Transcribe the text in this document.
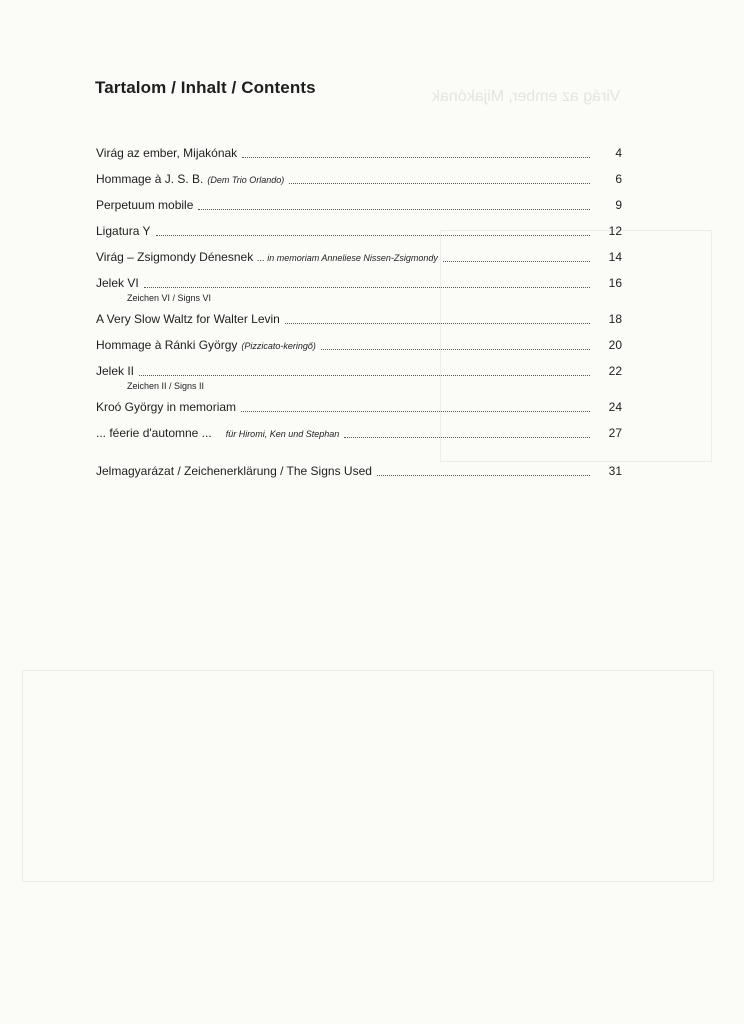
Virág az ember, Mijakónak
Tartalom / Inhalt / Contents
Virág az ember, Mijakónak	4
Hommage à J. S. B. (Dem Trio Orlando)	6
Perpetuum mobile	9
Ligatura Y	12
Virág – Zsigmondy Dénesnek ... in memoriam Anneliese Nissen-Zsigmondy	14
Jelek VI	16
Zeichen VI / Signs VI
A Very Slow Waltz for Walter Levin	18
Hommage à Ránki György (Pizzicato-keringő)	20
Jelek II	22
Zeichen II / Signs II
Kroó György in memoriam	24
... féerie d'automne ... für Hiromi, Ken und Stephan	27
Jelmagyarázat / Zeichenerklärung / The Signs Used	31
